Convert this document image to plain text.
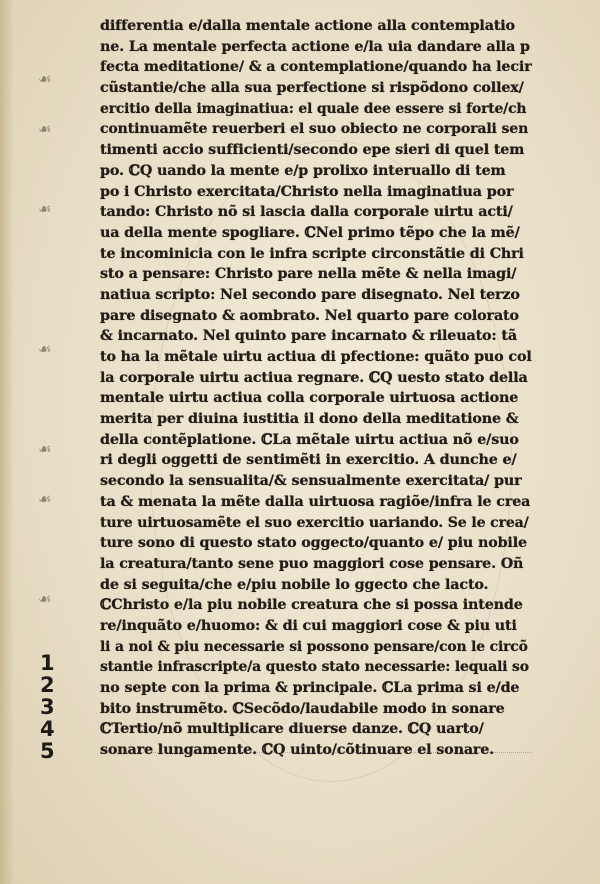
☙
☙
☙
☙
☙
☙
☙
1
2
3
4
5
differentia e/dalla mentale actione alla contemplatio
ne. La mentale perfecta actione e/la uia dandare alla p
fecta meditatione/ & a contemplatione/quando ha lecir
cũstantie/che alla sua perfectione si rispõdono collex/
ercitio della imaginatiua: el quale dee essere si forte/ch
continuamẽte reuerberi el suo obiecto ne corporali sen
timenti accio sufficienti/secondo epe sieri di quel tem
po. ℂQ uando la mente e/p prolixo interuallo di tem
po i Christo exercitata/Christo nella imaginatiua por
tando: Christo nõ si lascia dalla corporale uirtu acti/
ua della mente spogliare. ℂNel primo tẽpo che la mẽ/
te incominicia con le infra scripte circonstãtie di Chri
sto a pensare: Christo pare nella mẽte & nella imagi/
natiua scripto: Nel secondo pare disegnato. Nel terzo
pare disegnato & aombrato. Nel quarto pare colorato
& incarnato. Nel quinto pare incarnato & rileuato: tã
to ha la mẽtale uirtu actiua di pfectione: quãto puo col
la corporale uirtu actiua regnare. ℂQ uesto stato della
mentale uirtu actiua colla corporale uirtuosa actione
merita per diuina iustitia il dono della meditatione &
della contẽplatione. ℂLa mẽtale uirtu actiua nõ e/suo
ri degli oggetti de sentimẽti in exercitio. A dunche e/
secondo la sensualita/& sensualmente exercitata/ pur
ta & menata la mẽte dalla uirtuosa ragiõe/infra le crea
ture uirtuosamẽte el suo exercitio uariando. Se le crea/
ture sono di questo stato oggecto/quanto e/ piu nobile
la creatura/tanto sene puo maggiori cose pensare. Oñ
de si seguita/che e/piu nobile lo ggecto che lacto.
ℂChristo e/la piu nobile creatura che si possa intende
re/inquãto e/huomo: & di cui maggiori cose & piu uti
li a noi & piu necessarie si possono pensare/con le circõ
stantie infrascripte/a questo stato necessarie: lequali so
no septe con la prima & principale. ℂLa prima si e/de
bito instrumẽto. ℂSecõdo/laudabile modo in sonare
ℂTertio/nõ multiplicare diuerse danze. ℂQ uarto/
sonare lungamente. ℂQ uinto/cõtinuare el sonare.
